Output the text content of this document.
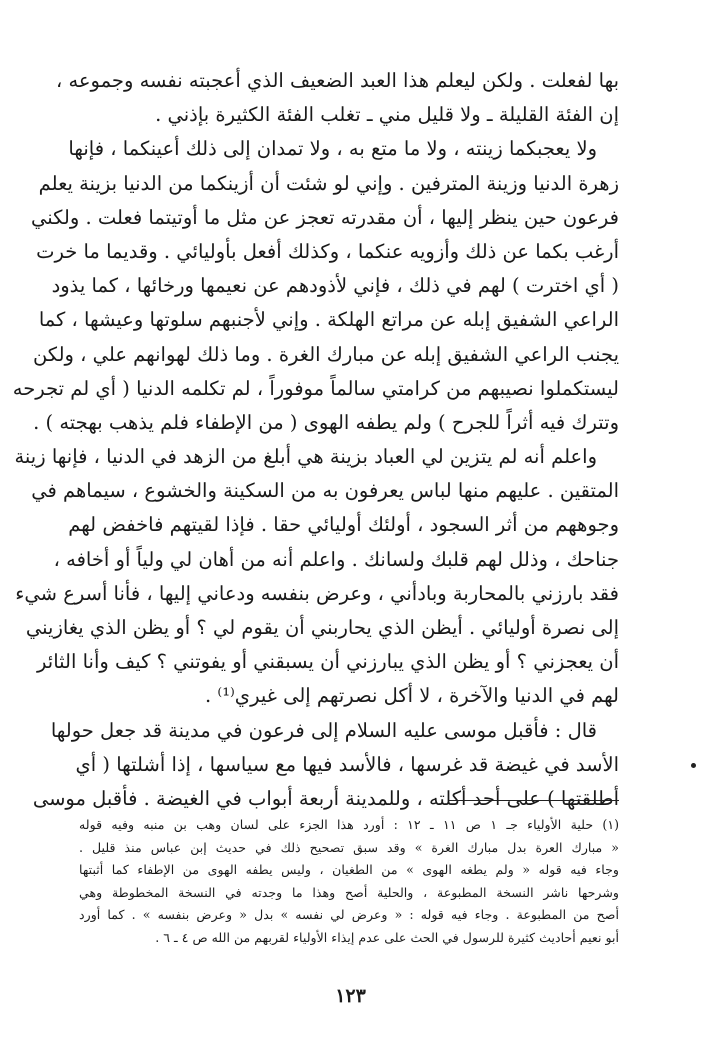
بها لفعلت . ولكن ليعلم هذا العبد الضعيف الذي أعجبته نفسه وجموعه ،
إن الفئة القليلة ـ ولا قليل مني ـ تغلب الفئة الكثيرة بإذني .
ولا يعجبكما زينته ، ولا ما متع به ، ولا تمدان إلى ذلك أعينكما ، فإنها
زهرة الدنيا وزينة المترفين . وإني لو شئت أن أزينكما من الدنيا بزينة يعلم
فرعون حين ينظر إليها ، أن مقدرته تعجز عن مثل ما أوتيتما فعلت . ولكني
أرغب بكما عن ذلك وأزويه عنكما ، وكذلك أفعل بأوليائي . وقديما ما خرت
( أي اخترت ) لهم في ذلك ، فإني لأذودهم عن نعيمها ورخائها ، كما يذود
الراعي الشفيق إبله عن مراتع الهلكة . وإني لأجنبهم سلوتها وعيشها ، كما
يجنب الراعي الشفيق إبله عن مبارك الغرة . وما ذلك لهوانهم علي ، ولكن
ليستكملوا نصيبهم من كرامتي سالماً موفوراً ، لم تكلمه الدنيا ( أي لم تجرحه
وتترك فيه أثراً للجرح ) ولم يطفه الهوى ( من الإطفاء فلم يذهب بهجته ) .
واعلم أنه لم يتزين لي العباد بزينة هي أبلغ من الزهد في الدنيا ، فإنها زينة
المتقين . عليهم منها لباس يعرفون به من السكينة والخشوع ، سيماهم في
وجوههم من أثر السجود ، أولئك أوليائي حقا . فإذا لقيتهم فاخفض لهم
جناحك ، وذلل لهم قلبك ولسانك . واعلم أنه من أهان لي ولياً أو أخافه ،
فقد بارزني بالمحاربة وبادأني ، وعرض بنفسه ودعاني إليها ، فأنا أسرع شيء
إلى نصرة أوليائي . أيظن الذي يحاربني أن يقوم لي ؟ أو يظن الذي يغازيني
أن يعجزني ؟ أو يظن الذي يبارزني أن يسبقني أو يفوتني ؟ كيف وأنا الثائر
لهم في الدنيا والآخرة ، لا أكل نصرتهم إلى غيري⁽¹⁾ .
قال : فأقبل موسى عليه السلام إلى فرعون في مدينة قد جعل حولها
الأسد في غيضة قد غرسها ، فالأسد فيها مع سياسها ، إذا أشلتها ( أي
أطلقتها ) على أحد أكلته ، وللمدينة أربعة أبواب في الغيضة . فأقبل موسى
(١) حلية الأولياء جـ ١ ص ١١ ـ ١٢ : أورد هذا الجزء على لسان وهب بن منبه وفيه قوله
« مبارك العرة بدل مبارك الغرة » وقد سبق تصحيح ذلك في حديث إبن عباس منذ قليل .
وجاء فيه قوله « ولم يطغه الهوى » من الطغيان ، وليس يطفه الهوى من الإطفاء كما أثبتها
وشرحها ناشر النسخة المطبوعة ، والحلية أصح وهذا ما وجدته في النسخة المخطوطة وهي
أصح من المطبوعة . وجاء فيه قوله : « وعرض لي نفسه » بدل « وعرض بنفسه » . كما أورد
أبو نعيم أحاديث كثيرة للرسول في الحث على عدم إيذاء الأولياء لقربهم من الله ص ٤ ـ ٦ .
١٢٣
